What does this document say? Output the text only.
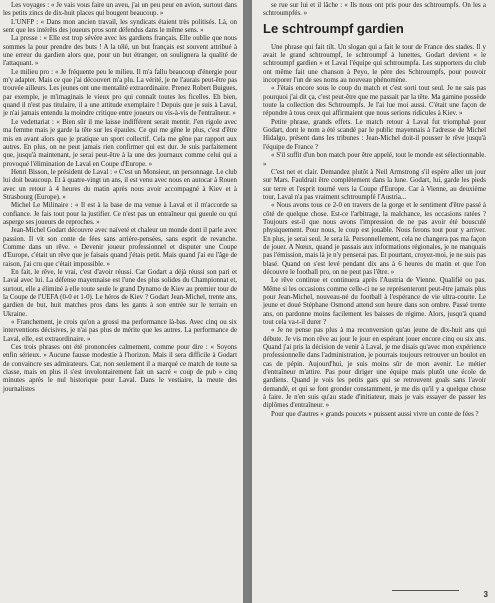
Les voyages : « Je vais vous faire un aveu, j'ai un peu peur en avion, surtout dans les petits zincs de dix-huit places qui bougent beaucoup. »

L'UNFP : « Dans mon ancien travail, les syndicats étaient très politisés. Là, on sent que les intérêts des joueurs pros sont défendus dans le même sens. »

La presse : « Elle est trop sévère avec les gardiens français. Elle oublie que nous sommes la pour prendre des buts ! A la télé, un but français est souvent attribué à une erreur du gardien alors que, pour un but étranger, on soulignera la qualité de l'attaquant. »

Le milieu pro : « Je fréquente peu le milieu. Il m'a fallu beaucoup d'énergie pour m'y adapter. Mais ce que j'ai découvert m'a plu. La vérité, je ne l'aurais peut-être pas trouvée ailleurs. Les jeunes ont une mentalité extraordinaire. Prenez Robert Buigues, par exemple, je m'imaginais le vieux pro qui connaît toutes les ficelles. Eh bien, quand il n'est pas titulaire, il a une attitude exemplaire ! Depuis que je suis à Laval, je n'ai jamais entendu la moindre critique entre joueurs ou vis-à-vis de l'entraîneur. »

Le vedettariat : « Bien sûr il me laisse indifférent serait mentir. J'en rigole avec ma femme mais je garde la tête sur les épaules. Ce qui me gêne le plus, c'est d'être mis en avant alors que je pratique un sport collectif. Cela me gêne par rapport aux autres. En plus, on ne peut jamais rien confirmer qui est dur. Je suis parfaitement que, jusqu'à maintenant, je serai peut-être à la une des journaux comme celui qui a provoqué l'élimination de Laval en Coupe d'Europe. »

Henri Bisson, le président de Laval : « C'est un Monsieur, un personnage. Le club lui doit beaucoup. Et à quatre-vingt un ans, il est venu avec nous en autocar à Rouen avec un retour à 4 heures du matin après nous avoir accompagné à Kiev et à Strasbourg (Europe). »

Michel Le Milinaire : « Il est à la base de ma venue à Laval et il m'accorde sa confiance. Je fais tout pour la justifier. Ce n'est pas un entraîneur qui gueule ou qui asperge ses joueurs de reproches. »

Jean-Michel Godart découvre avec naïveté et chaleur un monde dont il parle avec passion. Il vit son conte de fées sans arrière-pensées, sans esprit de revanche. Comme dans un rêve. « Devenir joueur professionnel et disputer une Coupe d'Europe, c'était un rêve que je faisais quand j'étais petit. Mais quand j'ai eu l'âge de raison, j'ai cru que c'était impossible. »

En fait, le rêve, le vrai, c'est d'avoir réussi. Car Godart a déjà réussi son pari et Laval avec lui. La défense mayennaise est l'une des plus solides du Championnat et, surtout, elle a éliminé à elle toute seule le grand Dynamo de Kiev au premier tour de la Coupe de l'UEFA (0-0 et 1-0). Le héros de Kiev ? Godart Jean-Michel, trente ans, gardien de but, huit matches pros dans les gants à son entrée sur le terrain en Ukraine.

« Franchement, je crois qu'on a grossi ma performance là-bas. Avec cinq ou six interventions décisives, je n'ai pas plus de mérite que les autres. La performance de Laval, elle, est extraordinaire. »

Ces trois phrases ont été prononcées calmement, comme pour dire : « Soyons enfin sérieux. » Aucune fausse modestie à l'horizon. Mais il sera difficile à Godart de convaincre ses admirateurs. Car, non seulement il a marqué ce match de toute sa classe, mais en plus il s'est involontairement fait un sacré « coup de pub » cinq minutes après le nul historique pour Laval. Dans le vestiaire, la meute des journalistes

se rue sur lui et il lâche : « Ils nous ont pris pour des schtroumpfs. On les a schtroumpfés. »

Le schtroumpf gardien

Une phrase qui fait tilt. Un slogan qui a fait le tour de France des stades. Il y avait le grand schtroumpf, le schtroumpf à lunettes, Godart devient « le schtroumpf gardien » et Laval l'équipe qui schtroumpfa. Les supporters du club ont même fait une chanson à Peyo, le père des Schtroumpfs, pour pouvoir incorporer l'un de ses noms au nouveau phénomène.

« J'étais encore sous le coup du match et c'est sorti tout seul. Je ne sais pas pourquoi j'ai dit ça, c'est peut-être que me passait par la tête. Ma gamine possède toute la collection des Schtroumpfs. Je l'ai lue moi aussi. C'était une façon de répondre à tous ceux qui affirmaient que nous serions ridicules à Kiev. »

Petite phrase, grands effets. Le match retour à Laval fut triomphal pour Godart, dont le nom a été scandé par le public mayennais à l'adresse de Michel Hidalgo, présent dans les tribunes : Jean-Michel doit-il pousser le rêve jusqu'à l'équipe de France ?

« S'il suffit d'un bon match pour être appelé, tout le monde est sélectionnable. »

C'est net et clair. Demandez plutôt à Neil Armstrong s'il espère aller un jour sur Mars. Fauldrait être complètement dans la lune. Godart, lui, garde les pieds sur terre et l'esprit tourné vers la Coupe d'Europe. Car à Vienne, au deuxième tour, Laval n'a pas vraiment schtroumpfé l'Austria...

« Nous avons tous ce 2-0 en travers de la gorge et le sentiment d'être passé à côté de quelque chose. Est-ce l'arbitrage, la malchance, les occasions ratées ? Toujours est-il que nous avons l'impression de ne pas avoir été bousculé physiquement. Pour nous, le coup est jouable. Nous ferons tout pour y arriver. En plus, je serai seul. Je sera là. Personnellement, cela ne changera pas ma façon de jouer. A Nœux, quand je passais aux informations régionales, je ne manquais pas l'émission, mais là je n'y penserai pas. Et pourtant, croyez-moi, je ne suis pas blasé. Quand on s'est levé pendant dix ans à 6 heures du matin et que l'on découvre le football pro, on ne peut pas l'être. »

Le rêve continue et continuera après l'Austria de Vienne. Qualifié ou pas. Même si les occasions comme celle-ci ne se représenteront peut-être jamais plus pour Jean-Michel, nouveau-né du football à l'espérance de vie ultra-courte. Le jeune et doué Stéphane Osmond attend son heure dans son ombre. Passé trente ans, on pardonne moins facilement les baisses de régime. Alors, jusqu'à quand tout cela va-t-il durer ?

« Je ne pense pas plus à ma reconversion qu'au jeune de dix-huit ans qui débute. Je vis mon rêve au jour le jour en espérant jouer encore cinq ou six ans. Quand j'ai pris la décision de venir à Laval, je me disais qu'avec mon expérience professionnelle dans l'administration, je pourrais toujours retrouver un boulot en cas de pépin. Aujourd'hui, je suis moins sûr de mon avenir. Le métier d'entraîneur m'attire. Pas pour diriger une équipe mais plutôt une école de gardiens. Quand je vois les petits gars qui se retrouvent goals sans l'avoir demandé, et qui se font gronder constamment, je me dis qu'il y a quelque chose à faire. Je n'en suis qu'au stade d'initiateur, mais je vais essayer de passer les diplômes d'entraîneur. »

Pour que d'autres « grands poucets » puissent aussi vivre un conte de fées ?

3
